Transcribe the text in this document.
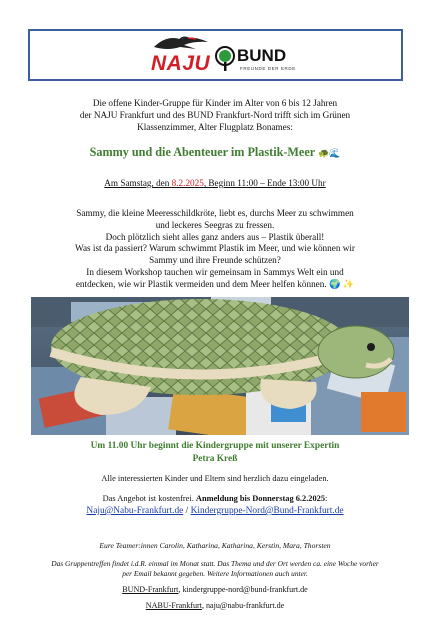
NAJU BUND
FREUNDE DER ERDE
Die offene Kinder-Gruppe für Kinder im Alter von 6 bis 12 Jahren
der NAJU Frankfurt und des BUND Frankfurt-Nord trifft sich im Grünen
Klassenzimmer, Alter Flugplatz Bonames:
Sammy und die Abenteuer im Plastik-Meer 🐢🌊
Am Samstag, den 8.2.2025, Beginn 11:00 – Ende 13:00 Uhr
Sammy, die kleine Meeresschildkröte, liebt es, durchs Meer zu schwimmen
und leckeres Seegras zu fressen.
Doch plötzlich sieht alles ganz anders aus – Plastik überall!
Was ist da passiert? Warum schwimmt Plastik im Meer, und wie können wir
Sammy und ihre Freunde schützen?
In diesem Workshop tauchen wir gemeinsam in Sammys Welt ein und
entdecken, wie wir Plastik vermeiden und dem Meer helfen können. 🌍 ✨
Um 11.00 Uhr beginnt die Kindergruppe mit unserer Expertin
Petra Kreß
Alle interessierten Kinder und Eltern sind herzlich dazu eingeladen.
Das Angebot ist kostenfrei. Anmeldung bis Donnerstag 6.2.2025:
Naju@Nabu-Frankfurt.de / Kindergruppe-Nord@Bund-Frankfurt.de
Eure Teamer:innen Carolin, Katharina, Katharina, Kerstin, Mara, Thorsten
Das Gruppentreffen findet i.d.R. einmal im Monat statt. Das Thema und der Ort werden ca. eine Woche vorher
per Email bekannt gegeben. Weitere Informationen auch unter.
BUND-Frankfurt, kindergruppe-nord@bund-frankfurt.de
NABU-Frankfurt, naju@nabu-frankfurt.de
